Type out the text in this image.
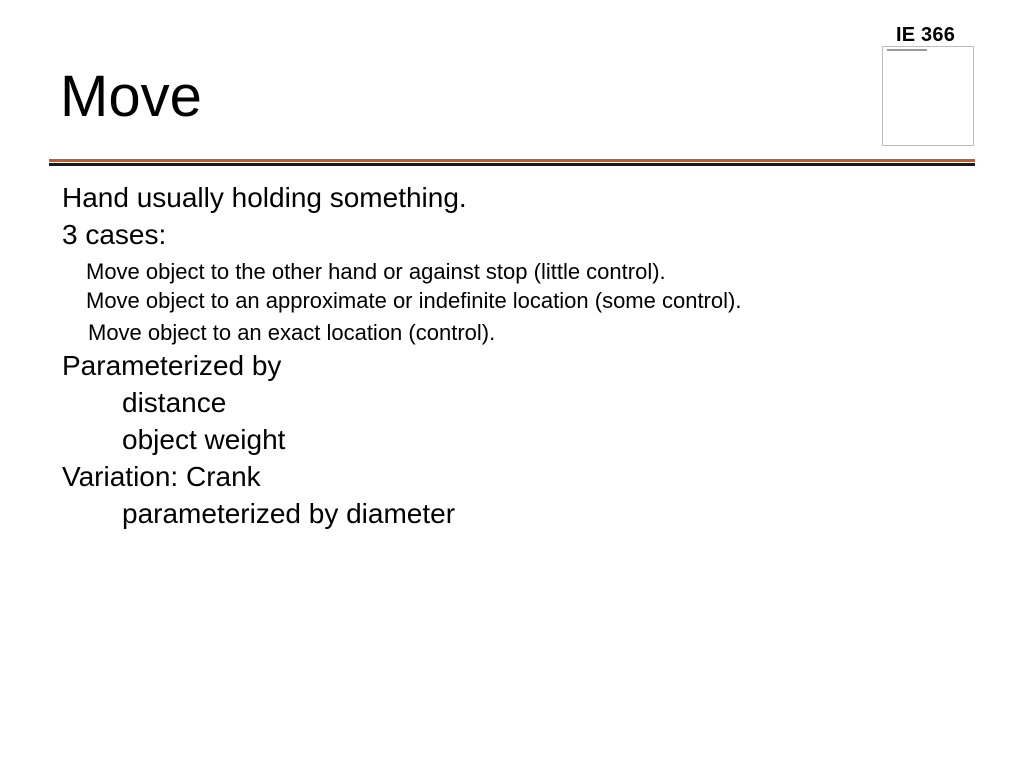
IE 366
Move
Hand usually holding something.
3 cases:
Move object to the other hand or against stop (little control).
Move object to an approximate or indefinite location (some control).
Move object to an exact location (control).
Parameterized by
distance
object weight
Variation: Crank
parameterized by diameter
